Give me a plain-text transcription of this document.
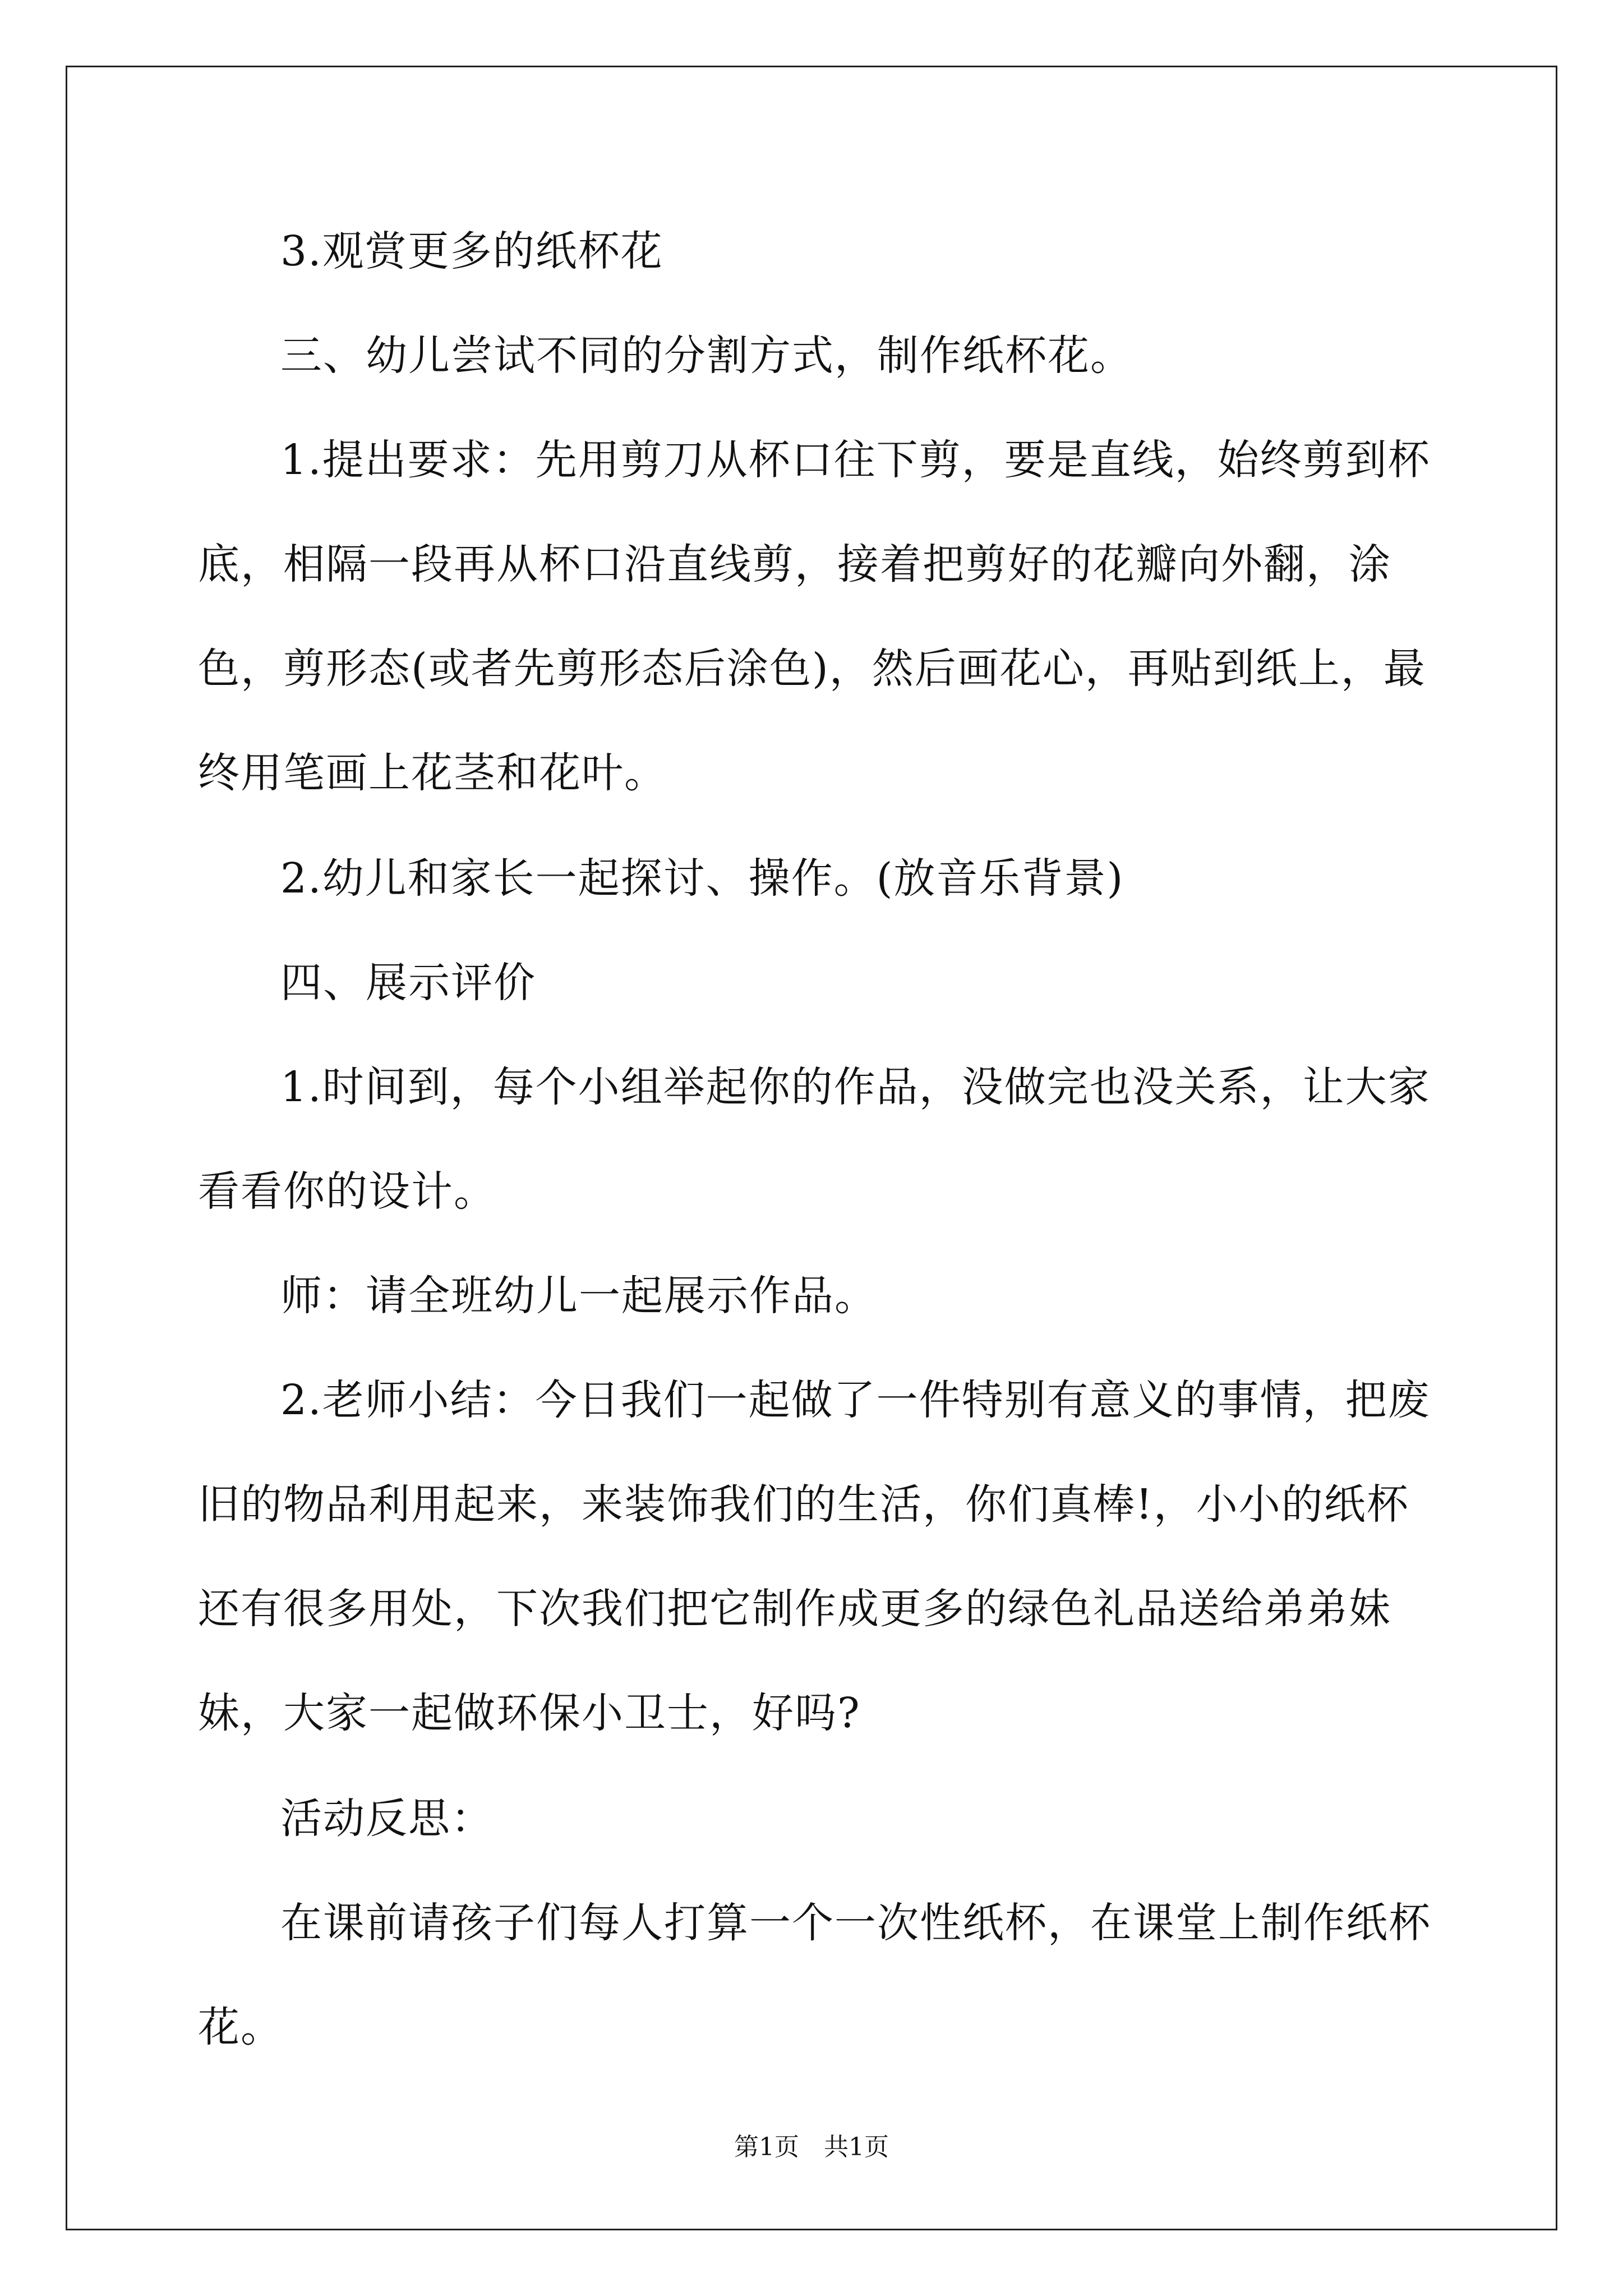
3.观赏更多的纸杯花

三、幼儿尝试不同的分割方式，制作纸杯花。

1.提出要求：先用剪刀从杯口往下剪，要是直线，始终剪到杯底，相隔一段再从杯口沿直线剪，接着把剪好的花瓣向外翻，涂色，剪形态(或者先剪形态后涂色)，然后画花心，再贴到纸上，最终用笔画上花茎和花叶。

2.幼儿和家长一起探讨、操作。(放音乐背景)

四、展示评价

1.时间到，每个小组举起你的作品，没做完也没关系，让大家看看你的设计。

师：请全班幼儿一起展示作品。

2.老师小结：今日我们一起做了一件特别有意义的事情，把废旧的物品利用起来，来装饰我们的生活，你们真棒!，小小的纸杯还有很多用处，下次我们把它制作成更多的绿色礼品送给弟弟妹妹，大家一起做环保小卫士，好吗?

活动反思：

在课前请孩子们每人打算一个一次性纸杯，在课堂上制作纸杯花。

第1页　共1页
